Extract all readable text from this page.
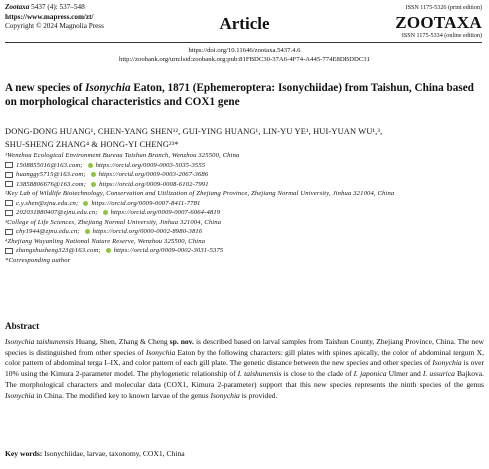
Zootaxa 5437 (4): 537–548
https://www.mapress.com/zt/
Copyright © 2024 Magnolia Press	Article
ISSN 1175-5326 (print edition)
ZOOTAXA
ISSN 1175-5334 (online edition)
https://doi.org/10.11646/zootaxa.5437.4.6
http://zoobank.org/urn:lsid:zoobank.org:pub:81FBDC30-37A6-4F74-A445-774E8DBDDC31
A new species of Isonychia Eaton, 1871 (Ephemeroptera: Isonychiidae) from Taishun, China based on morphological characteristics and COX1 gene
DONG-DONG HUANG¹, CHEN-YANG SHEN¹², GUI-YING HUANG¹, LIN-YU YE¹, HUI-YUAN WU¹,³,
SHU-SHENG ZHANG⁴ & HONG-YI CHENG²³*
¹Wenzhou Ecological Environment Bureau Taishun Branch, Wenzhou 325500, China
1508855016@163.com; https://orcid.org/0009-0003-5035-3555
huanggy5715@163.com; https://orcid.org/0009-0003-2067-3686
13858806676@163.com; https://orcid.org/0009-0008-6102-7991
²Key Lab of Wildlife Biotechnology, Conservation and Utilization of Zhejiang Province, Zhejiang Normal University, Jinhua 321004, China
c.y.shen@zjnu.edu.cn; https://orcid.org/0009-0007-8411-7781
202031880407@zjnu.edu.cn; https://orcid.org/0009-0007-6064-4819
³College of Life Sciences, Zhejiang Normal University, Jinhua 321004, China
chy1944@zjnu.edu.cn; https://orcid.org/0000-0002-8980-3816
⁴Zhejiang Wuyanling National Nature Reserve, Wenzhou 325500, China
zhangshusheng323@163.com; https://orcid.org/0009-0002-3031-5375
*Corresponding author
Abstract
Isonychia taishunensis Huang, Shen, Zhang & Cheng sp. nov. is described based on larval samples from Taishun County, Zhejiang Province, China. The new species is distinguished from other species of Isonychia Eaton by the following characters: gill plates with spines apically, the color of abdominal tergum X, color pattern of abdominal terga I–IX, and color pattern of each gill plate. The genetic distance between the new species and other species of Isonychia is over 10% using the Kimura 2-parameter model. The phylogenetic relationship of I. taishunensis is close to the clade of I. japonica Ulmer and I. ussurica Bajkova. The morphological characters and molecular data (COX1, Kimura 2-parameter) support that this new species represents the ninth species of the genus Isonychia in China. The modified key to known larvae of the genus Isonychia is provided.
Key words: Isonychiidae, larvae, taxonomy, COX1, China
